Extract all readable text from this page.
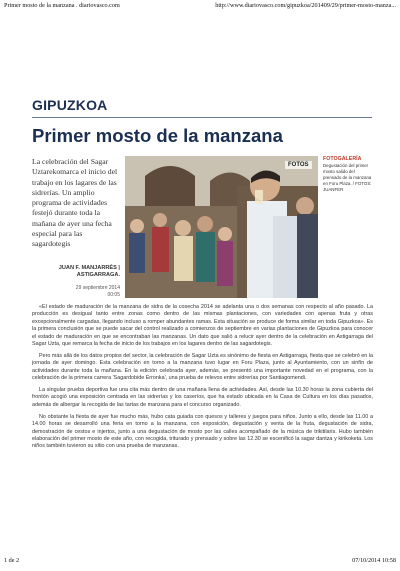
Primer mosto de la manzana . diariovasco.com	http://www.diariovasco.com/gipuzkoa/201409/29/primer-mosto-manza...
GIPUZKOA
Primer mosto de la manzana
La celebración del Sagar Uztarekomarca el inicio del trabajo en los lagares de las sidrerías. Un amplio programa de actividades festejó durante toda la mañana de ayer una fecha especial para las sagardotegis
JUAN F. MANJARRÉS | ASTIGARRAGA.
29 septiembre 2014
00:05
FOTOS
FOTOGALERÍA
Degustación del primer mosto salido del prensado de la manzana en Foru Plaza. / FOTOS: JUANFER

«El estado de maduración de la manzana de sidra de la cosecha 2014 se adelanta una o dos semanas con respecto al año pasado. La producción es desigual tanto entre zonas como dentro de las mismas plantaciones, con variedades con apenas fruta y otras excepcionalmente cargadas, llegando incluso a romper abundantes ramas. Esta situación se produce de forma similar en toda Gipuzkoa». Es la primera conclusión que se puede sacar del control realizado a comienzos de septiembre en varias plantaciones de Gipuzkoa para conocer el estado de maduración en que se encontraban las manzanas. Un dato que salió a relucir ayer dentro de la celebración en Astigarraga del Sagar Uzta, que remarca la fecha de inicio de los trabajos en los lagares dentro de las sagardotegis.

Pero más allá de los datos propios del sector, la celebración de Sagar Uzta es sinónimo de fiesta en Astigarraga, fiesta que se celebró en la jornada de ayer domingo. Esta celebración en torno a la manzana tuvo lugar en Foru Plaza, junto al Ayuntamiento, con un sinfín de actividades durante toda la mañana. En la edición celebrada ayer, además, se presentó una importante novedad en el programa, con la celebración de la primera carrera 'Sagardobide Erronka', una prueba de relevos entre sidrerías por Santiagomendi.

La singular prueba deportiva fue una cita más dentro de una mañana llena de actividades. Así, desde las 10.30 horas la zona cubierta del frontón acogió una exposición centrada en las sidrerías y los caseríos, que ha estado ubicada en la Casa de Cultura en los días pasados, además de albergar la recogida de las tartas de manzana para el concurso organizado.

No obstante la fiesta de ayer fue mucho más, hubo cata guiada con quesos y talleres y juegos para niños. Junto a ello, desde las 11.00 a 14.00 horas se desarrolló una feria en torno a la manzana, con exposición, degustación y venta de la fruta, degustación de sidra, demostración de cestos e injertos, junto a una degustación de mosto por las calles acompañado de la música de trikitilaris. Hubo también elaboración del primer mosto de este año, con recogida, triturado y prensado y sobre las 12.30 se escenificó la sagar dantza y kirikoketa. Los niños también tuvieron su sitio con una prueba de manzanas.

1 de 2	07/10/2014 10:58
